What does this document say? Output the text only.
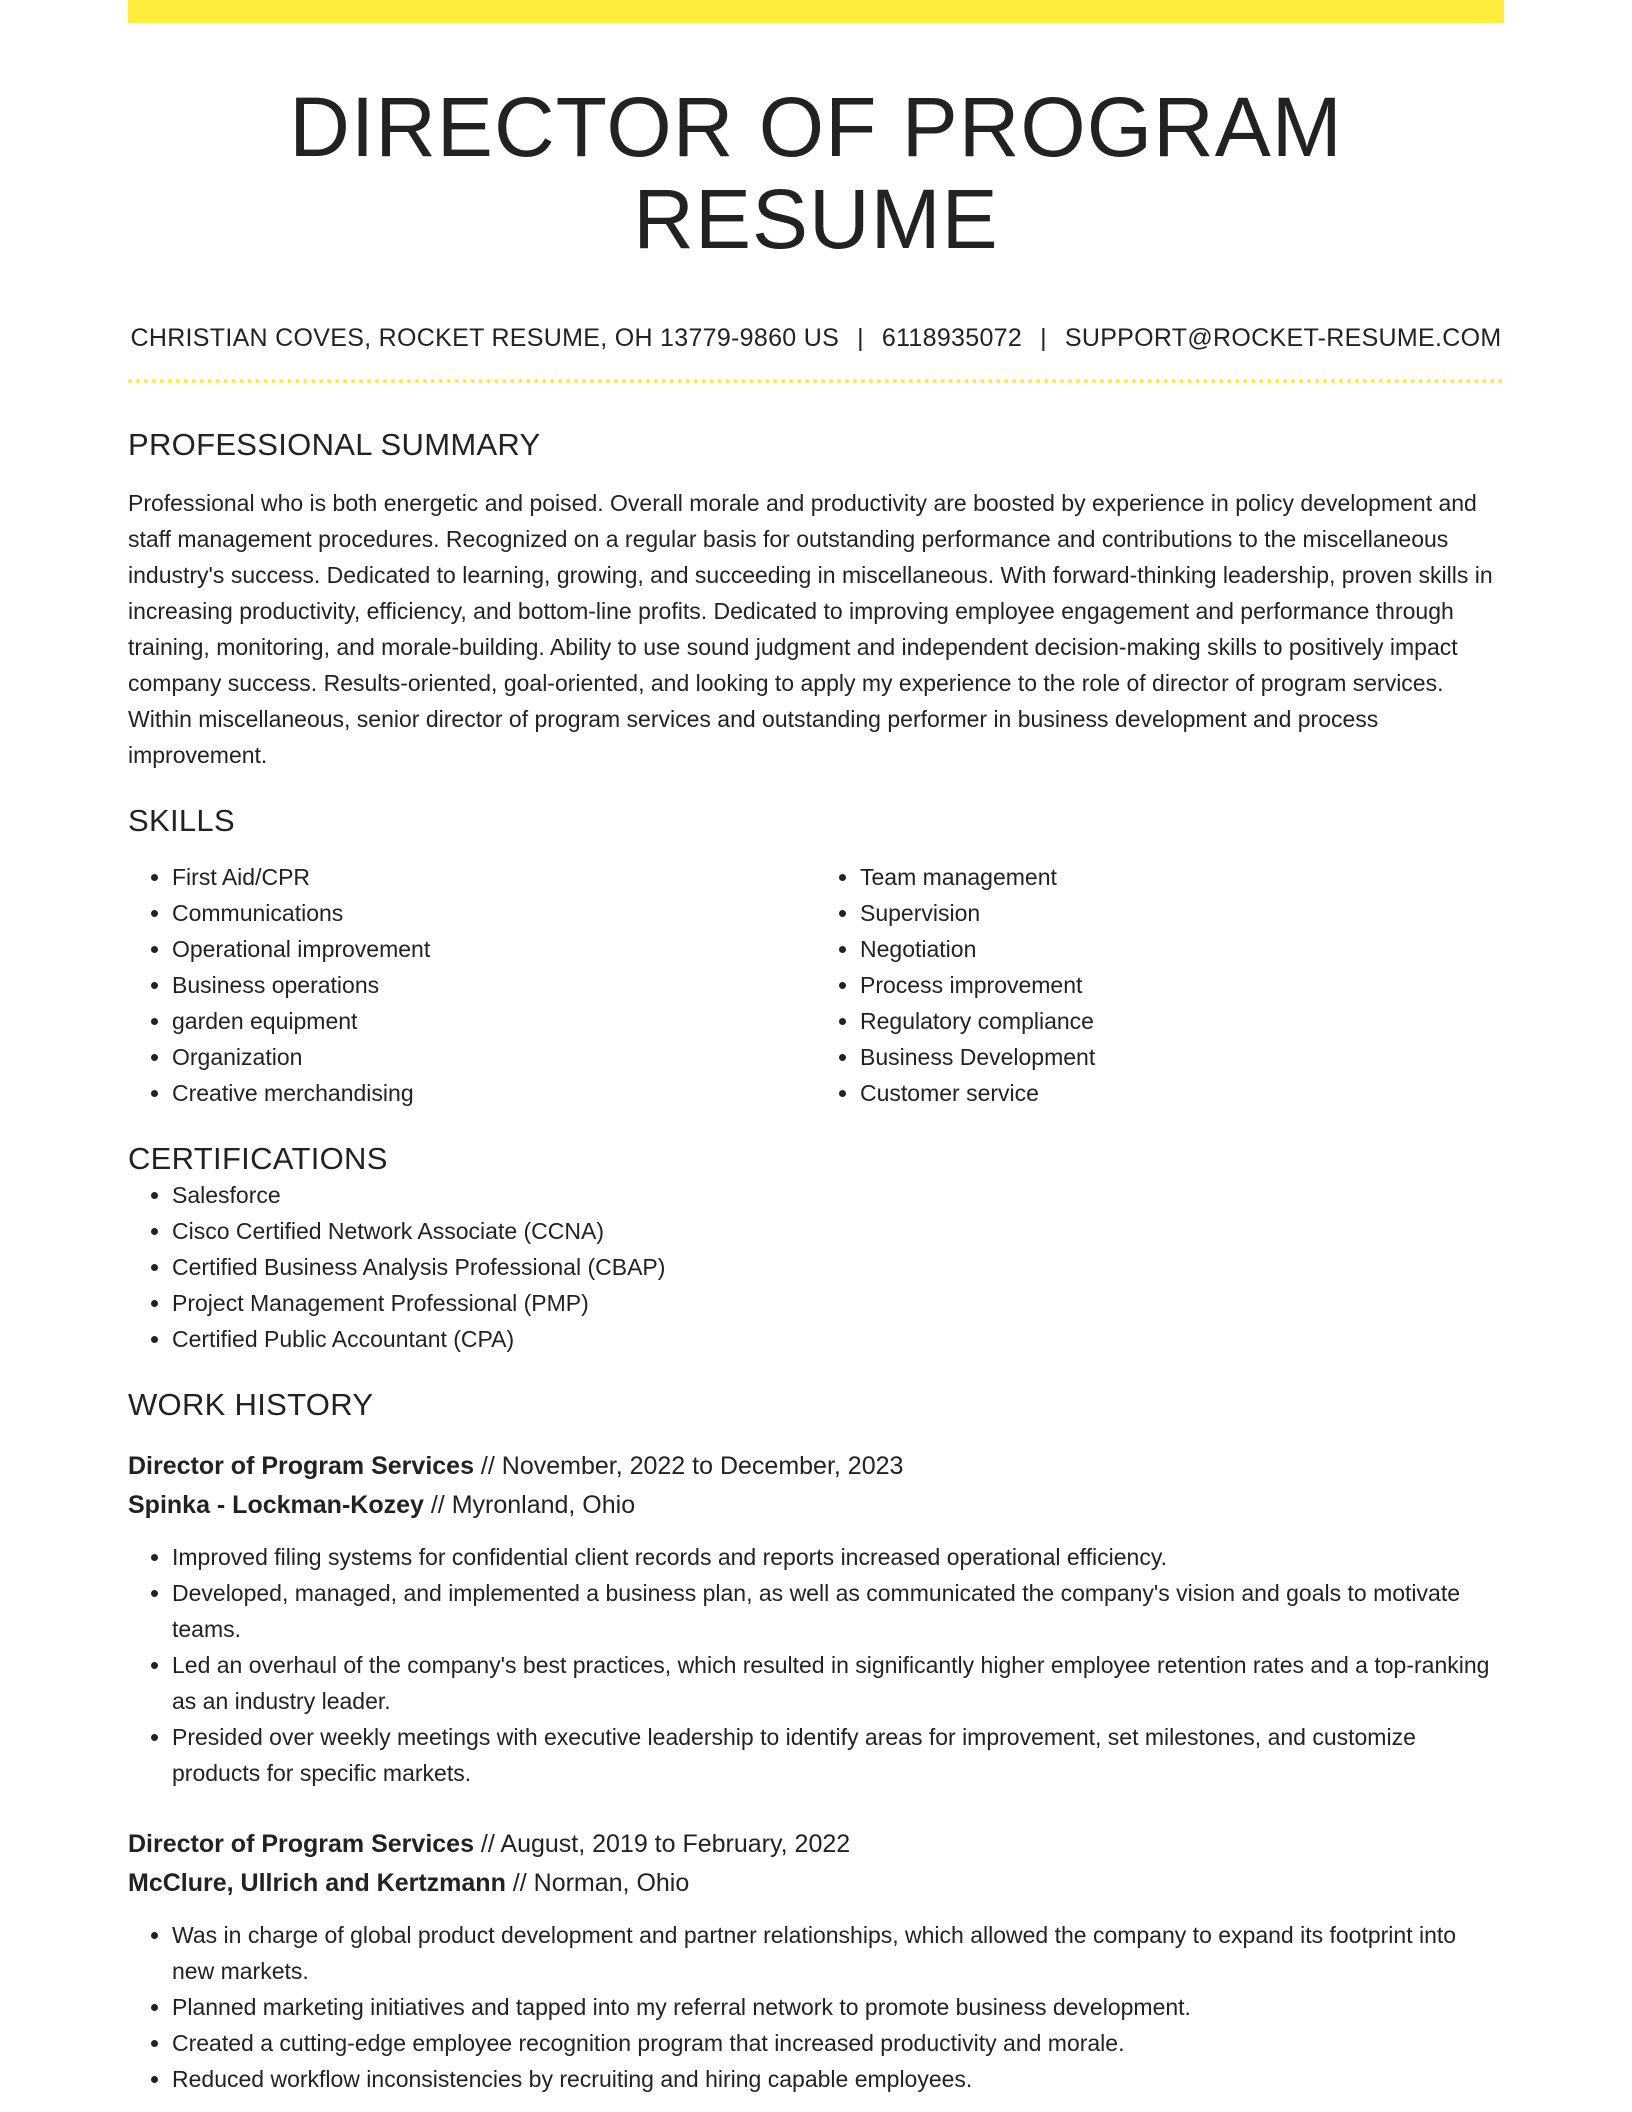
DIRECTOR OF PROGRAM RESUME
CHRISTIAN COVES, ROCKET RESUME, OH 13779-9860 US | 6118935072 | SUPPORT@ROCKET-RESUME.COM
PROFESSIONAL SUMMARY

Professional who is both energetic and poised. Overall morale and productivity are boosted by experience in policy development and staff management procedures. Recognized on a regular basis for outstanding performance and contributions to the miscellaneous industry's success. Dedicated to learning, growing, and succeeding in miscellaneous. With forward-thinking leadership, proven skills in increasing productivity, efficiency, and bottom-line profits. Dedicated to improving employee engagement and performance through training, monitoring, and morale-building. Ability to use sound judgment and independent decision-making skills to positively impact company success. Results-oriented, goal-oriented, and looking to apply my experience to the role of director of program services. Within miscellaneous, senior director of program services and outstanding performer in business development and process improvement.

SKILLS
• First Aid/CPR
• Communications
• Operational improvement
• Business operations
• garden equipment
• Organization
• Creative merchandising
• Team management
• Supervision
• Negotiation
• Process improvement
• Regulatory compliance
• Business Development
• Customer service
CERTIFICATIONS
• Salesforce
• Cisco Certified Network Associate (CCNA)
• Certified Business Analysis Professional (CBAP)
• Project Management Professional (PMP)
• Certified Public Accountant (CPA)
WORK HISTORY
Director of Program Services // November, 2022 to December, 2023
Spinka - Lockman-Kozey // Myronland, Ohio
• Improved filing systems for confidential client records and reports increased operational efficiency.
• Developed, managed, and implemented a business plan, as well as communicated the company's vision and goals to motivate teams.
• Led an overhaul of the company's best practices, which resulted in significantly higher employee retention rates and a top-ranking as an industry leader.
• Presided over weekly meetings with executive leadership to identify areas for improvement, set milestones, and customize products for specific markets.
Director of Program Services // August, 2019 to February, 2022
McClure, Ullrich and Kertzmann // Norman, Ohio
• Was in charge of global product development and partner relationships, which allowed the company to expand its footprint into new markets.
• Planned marketing initiatives and tapped into my referral network to promote business development.
• Created a cutting-edge employee recognition program that increased productivity and morale.
• Reduced workflow inconsistencies by recruiting and hiring capable employees.
